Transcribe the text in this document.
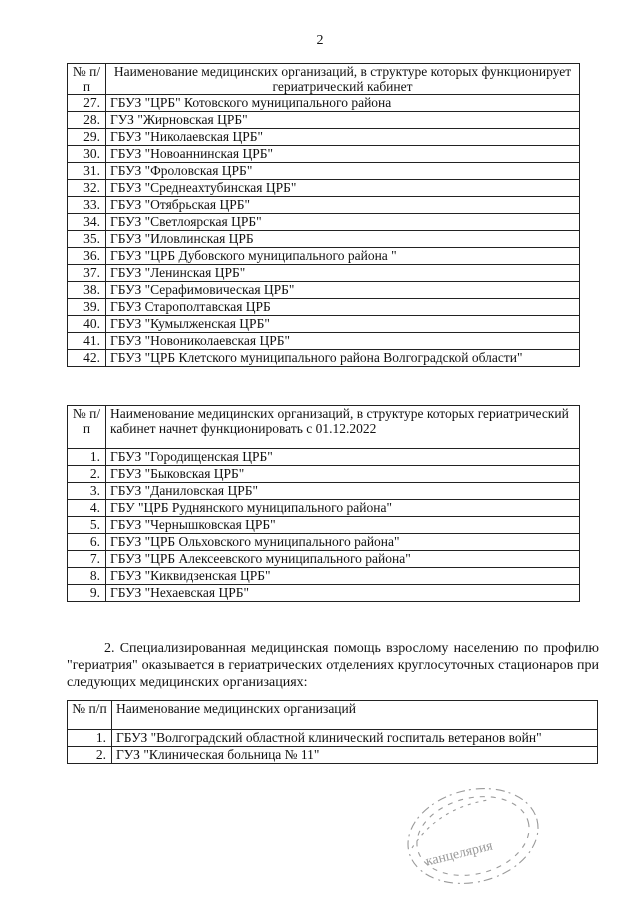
2
№ п/п	Наименование медицинских организаций, в структуре которых функционирует гериатрический кабинет
27.	ГБУЗ "ЦРБ" Котовского муниципального района
28.	ГУЗ "Жирновская ЦРБ"
29.	ГБУЗ "Николаевская ЦРБ"
30.	ГБУЗ "Новоаннинская ЦРБ"
31.	ГБУЗ "Фроловская ЦРБ"
32.	ГБУЗ "Среднеахтубинская ЦРБ"
33.	ГБУЗ "Отябрьская ЦРБ"
34.	ГБУЗ "Светлоярская ЦРБ"
35.	ГБУЗ "Иловлинская ЦРБ
36.	ГБУЗ "ЦРБ Дубовского муниципального района "
37.	ГБУЗ "Ленинская ЦРБ"
38.	ГБУЗ "Серафимовическая ЦРБ"
39.	ГБУЗ Старополтавская ЦРБ
40.	ГБУЗ "Кумылженская ЦРБ"
41.	ГБУЗ "Новониколаевская ЦРБ"
42.	ГБУЗ "ЦРБ Клетского муниципального района Волгоградской области"
№ п/п	Наименование медицинских организаций, в структуре которых гериатрический кабинет начнет функционировать с 01.12.2022
1.	ГБУЗ "Городищенская ЦРБ"
2.	ГБУЗ "Быковская ЦРБ"
3.	ГБУЗ "Даниловская ЦРБ"
4.	ГБУ "ЦРБ Руднянского муниципального района"
5.	ГБУЗ "Чернышковская ЦРБ"
6.	ГБУЗ "ЦРБ Ольховского муниципального района"
7.	ГБУЗ "ЦРБ Алексеевского муниципального района"
8.	ГБУЗ "Киквидзенская ЦРБ"
9.	ГБУЗ "Нехаевская ЦРБ"

2. Специализированная медицинская помощь взрослому населению по профилю "гериатрия" оказывается в гериатрических отделениях круглосуточных стационаров при следующих медицинских организациях:

№ п/п	Наименование медицинских организаций
1.	ГБУЗ "Волгоградский областной клинический госпиталь ветеранов войн"
2.	ГУЗ "Клиническая больница № 11"
канцелярия
